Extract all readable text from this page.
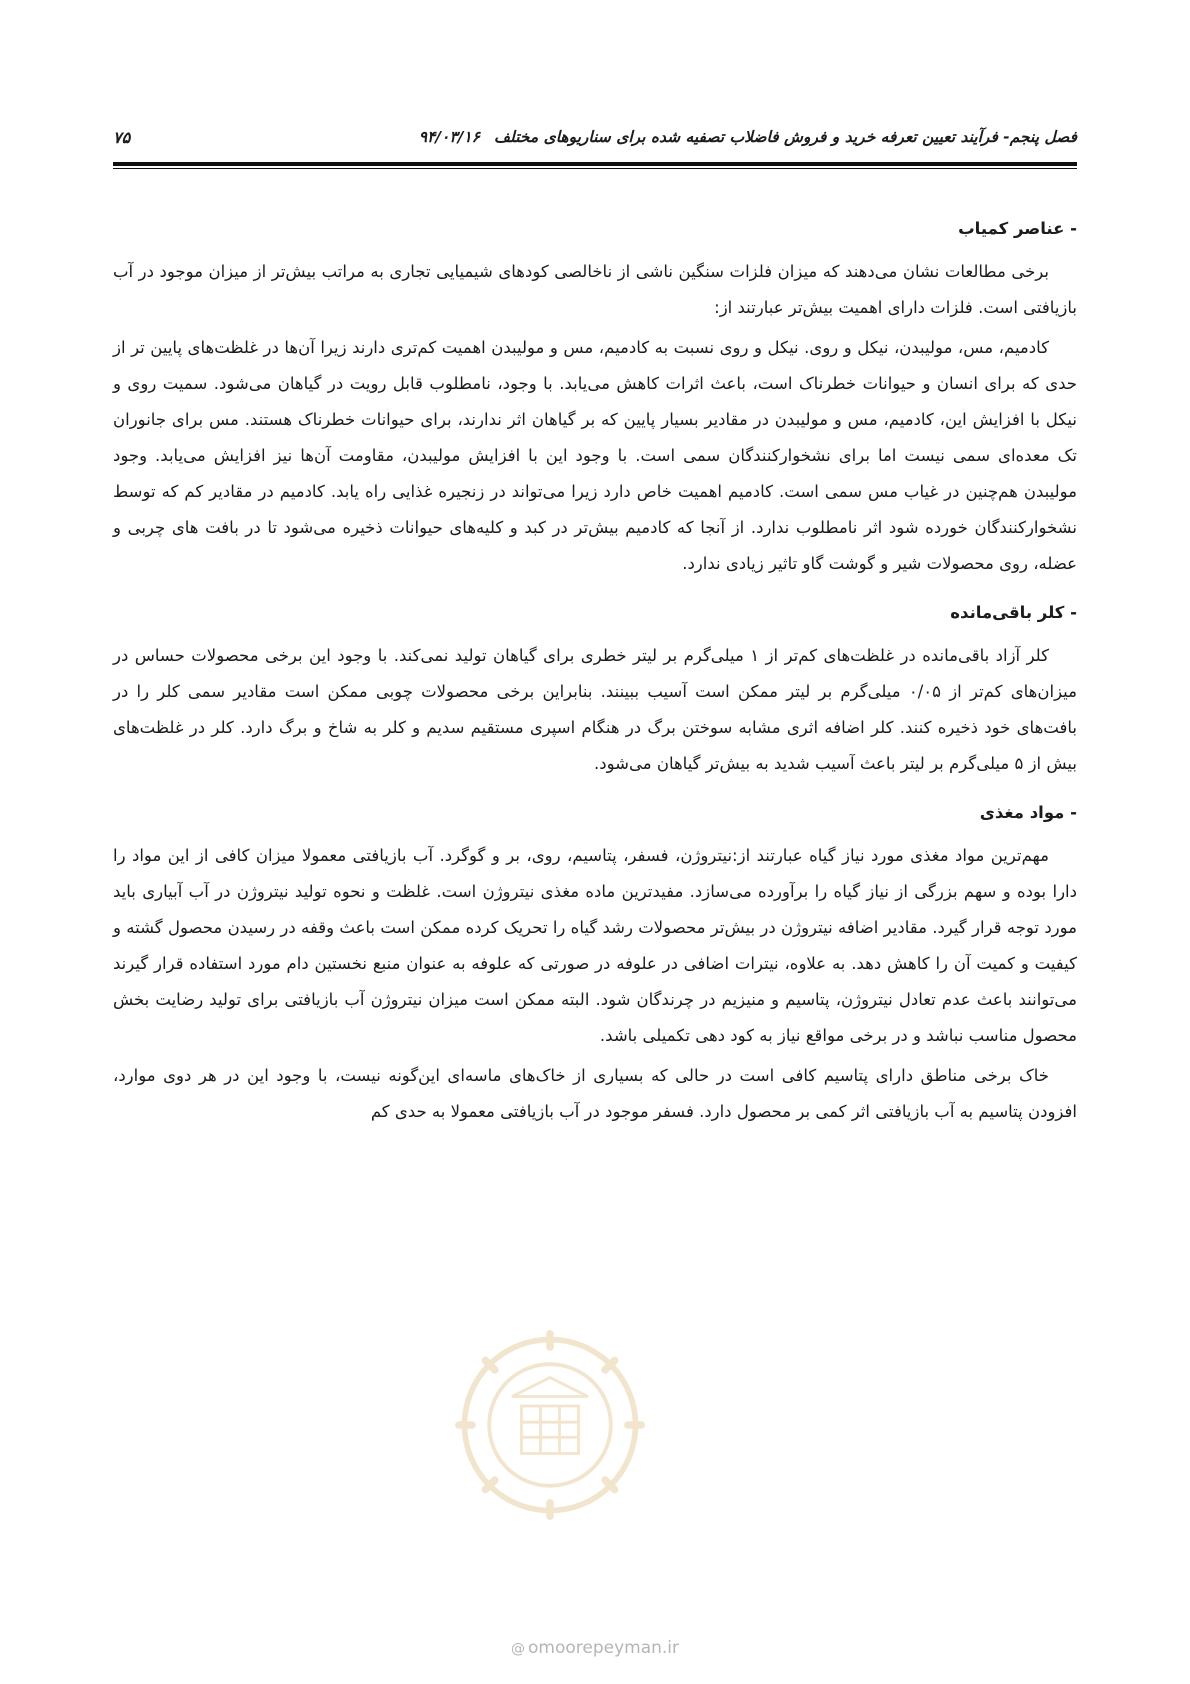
فصل پنجم- فرآیند تعیین تعرفه خرید و فروش فاضلاب تصفیه شده برای سناریوهای مختلف۹۴/۰۳/۱۶
۷۵
- عناصر کمیاب

برخی مطالعات نشان می‌دهند که میزان فلزات سنگین ناشی از ناخالصی کودهای شیمیایی تجاری به مراتب بیش‌تر از میزان موجود در آب بازیافتی است. فلزات دارای اهمیت بیش‌تر عبارتند از:

کادمیم، مس، مولیبدن، نیکل و روی. نیکل و روی نسبت به کادمیم، مس و مولیبدن اهمیت کم‌تری دارند زیرا آن‌ها در غلظت‌های پایین تر از حدی که برای انسان و حیوانات خطرناک است، باعث اثرات کاهش می‌یابد. با وجود، نامطلوب قابل رویت در گیاهان می‌شود. سمیت روی و نیکل با افزایش این، کادمیم، مس و مولیبدن در مقادیر بسیار پایین که بر گیاهان اثر ندارند، برای حیوانات خطرناک هستند. مس برای جانوران تک معده‌ای سمی نیست اما برای نشخوارکنندگان سمی است. با وجود این با افزایش مولیبدن، مقاومت آن‌ها نیز افزایش می‌یابد. وجود مولیبدن هم‌چنین در غیاب مس سمی است. کادمیم اهمیت خاص دارد زیرا می‌تواند در زنجیره غذایی راه یابد. کادمیم در مقادیر کم که توسط نشخوارکنندگان خورده شود اثر نامطلوب ندارد. از آنجا که کادمیم بیش‌تر در کبد و کلیه‌های حیوانات ذخیره می‌شود تا در بافت های چربی و عضله، روی محصولات شیر و گوشت گاو تاثیر زیادی ندارد.

- کلر باقی‌مانده

کلر آزاد باقی‌مانده در غلظت‌های کم‌تر از ۱ میلی‌گرم بر لیتر خطری برای گیاهان تولید نمی‌کند. با وجود این برخی محصولات حساس در میزان‌های کم‌تر از ۰/۰۵ میلی‌گرم بر لیتر ممکن است آسیب ببینند. بنابراین برخی محصولات چوبی ممکن است مقادیر سمی کلر را در بافت‌های خود ذخیره کنند. کلر اضافه اثری مشابه سوختن برگ در هنگام اسپری مستقیم سدیم و کلر به شاخ و برگ دارد. کلر در غلظت‌های بیش از ۵ میلی‌گرم بر لیتر باعث آسیب شدید به بیش‌تر گیاهان می‌شود.

- مواد مغذی

مهم‌ترین مواد مغذی مورد نیاز گیاه عبارتند از:نیتروژن، فسفر، پتاسیم، روی، بر و گوگرد. آب بازیافتی معمولا میزان کافی از این مواد را دارا بوده و سهم بزرگی از نیاز گیاه را برآورده می‌سازد. مفیدترین ماده مغذی نیتروژن است. غلظت و نحوه تولید نیتروژن در آب آبیاری باید مورد توجه قرار گیرد. مقادیر اضافه نیتروژن در بیش‌تر محصولات رشد گیاه را تحریک کرده ممکن است باعث وقفه در رسیدن محصول گشته و کیفیت و کمیت آن را کاهش دهد. به علاوه، نیترات اضافی در علوفه در صورتی که علوفه به عنوان منبع نخستین دام مورد استفاده قرار گیرند می‌توانند باعث عدم تعادل نیتروژن، پتاسیم و منیزیم در چرندگان شود. البته ممکن است میزان نیتروژن آب بازیافتی برای تولید رضایت بخش محصول مناسب نباشد و در برخی مواقع نیاز به کود دهی تکمیلی باشد.

خاک برخی مناطق دارای پتاسیم کافی است در حالی که بسیاری از خاک‌های ماسه‌ای این‌گونه نیست، با وجود این در هر دوی موارد، افزودن پتاسیم به آب بازیافتی اثر کمی بر محصول دارد. فسفر موجود در آب بازیافتی معمولا به حدی کم

@ omoorepeyman.ir
